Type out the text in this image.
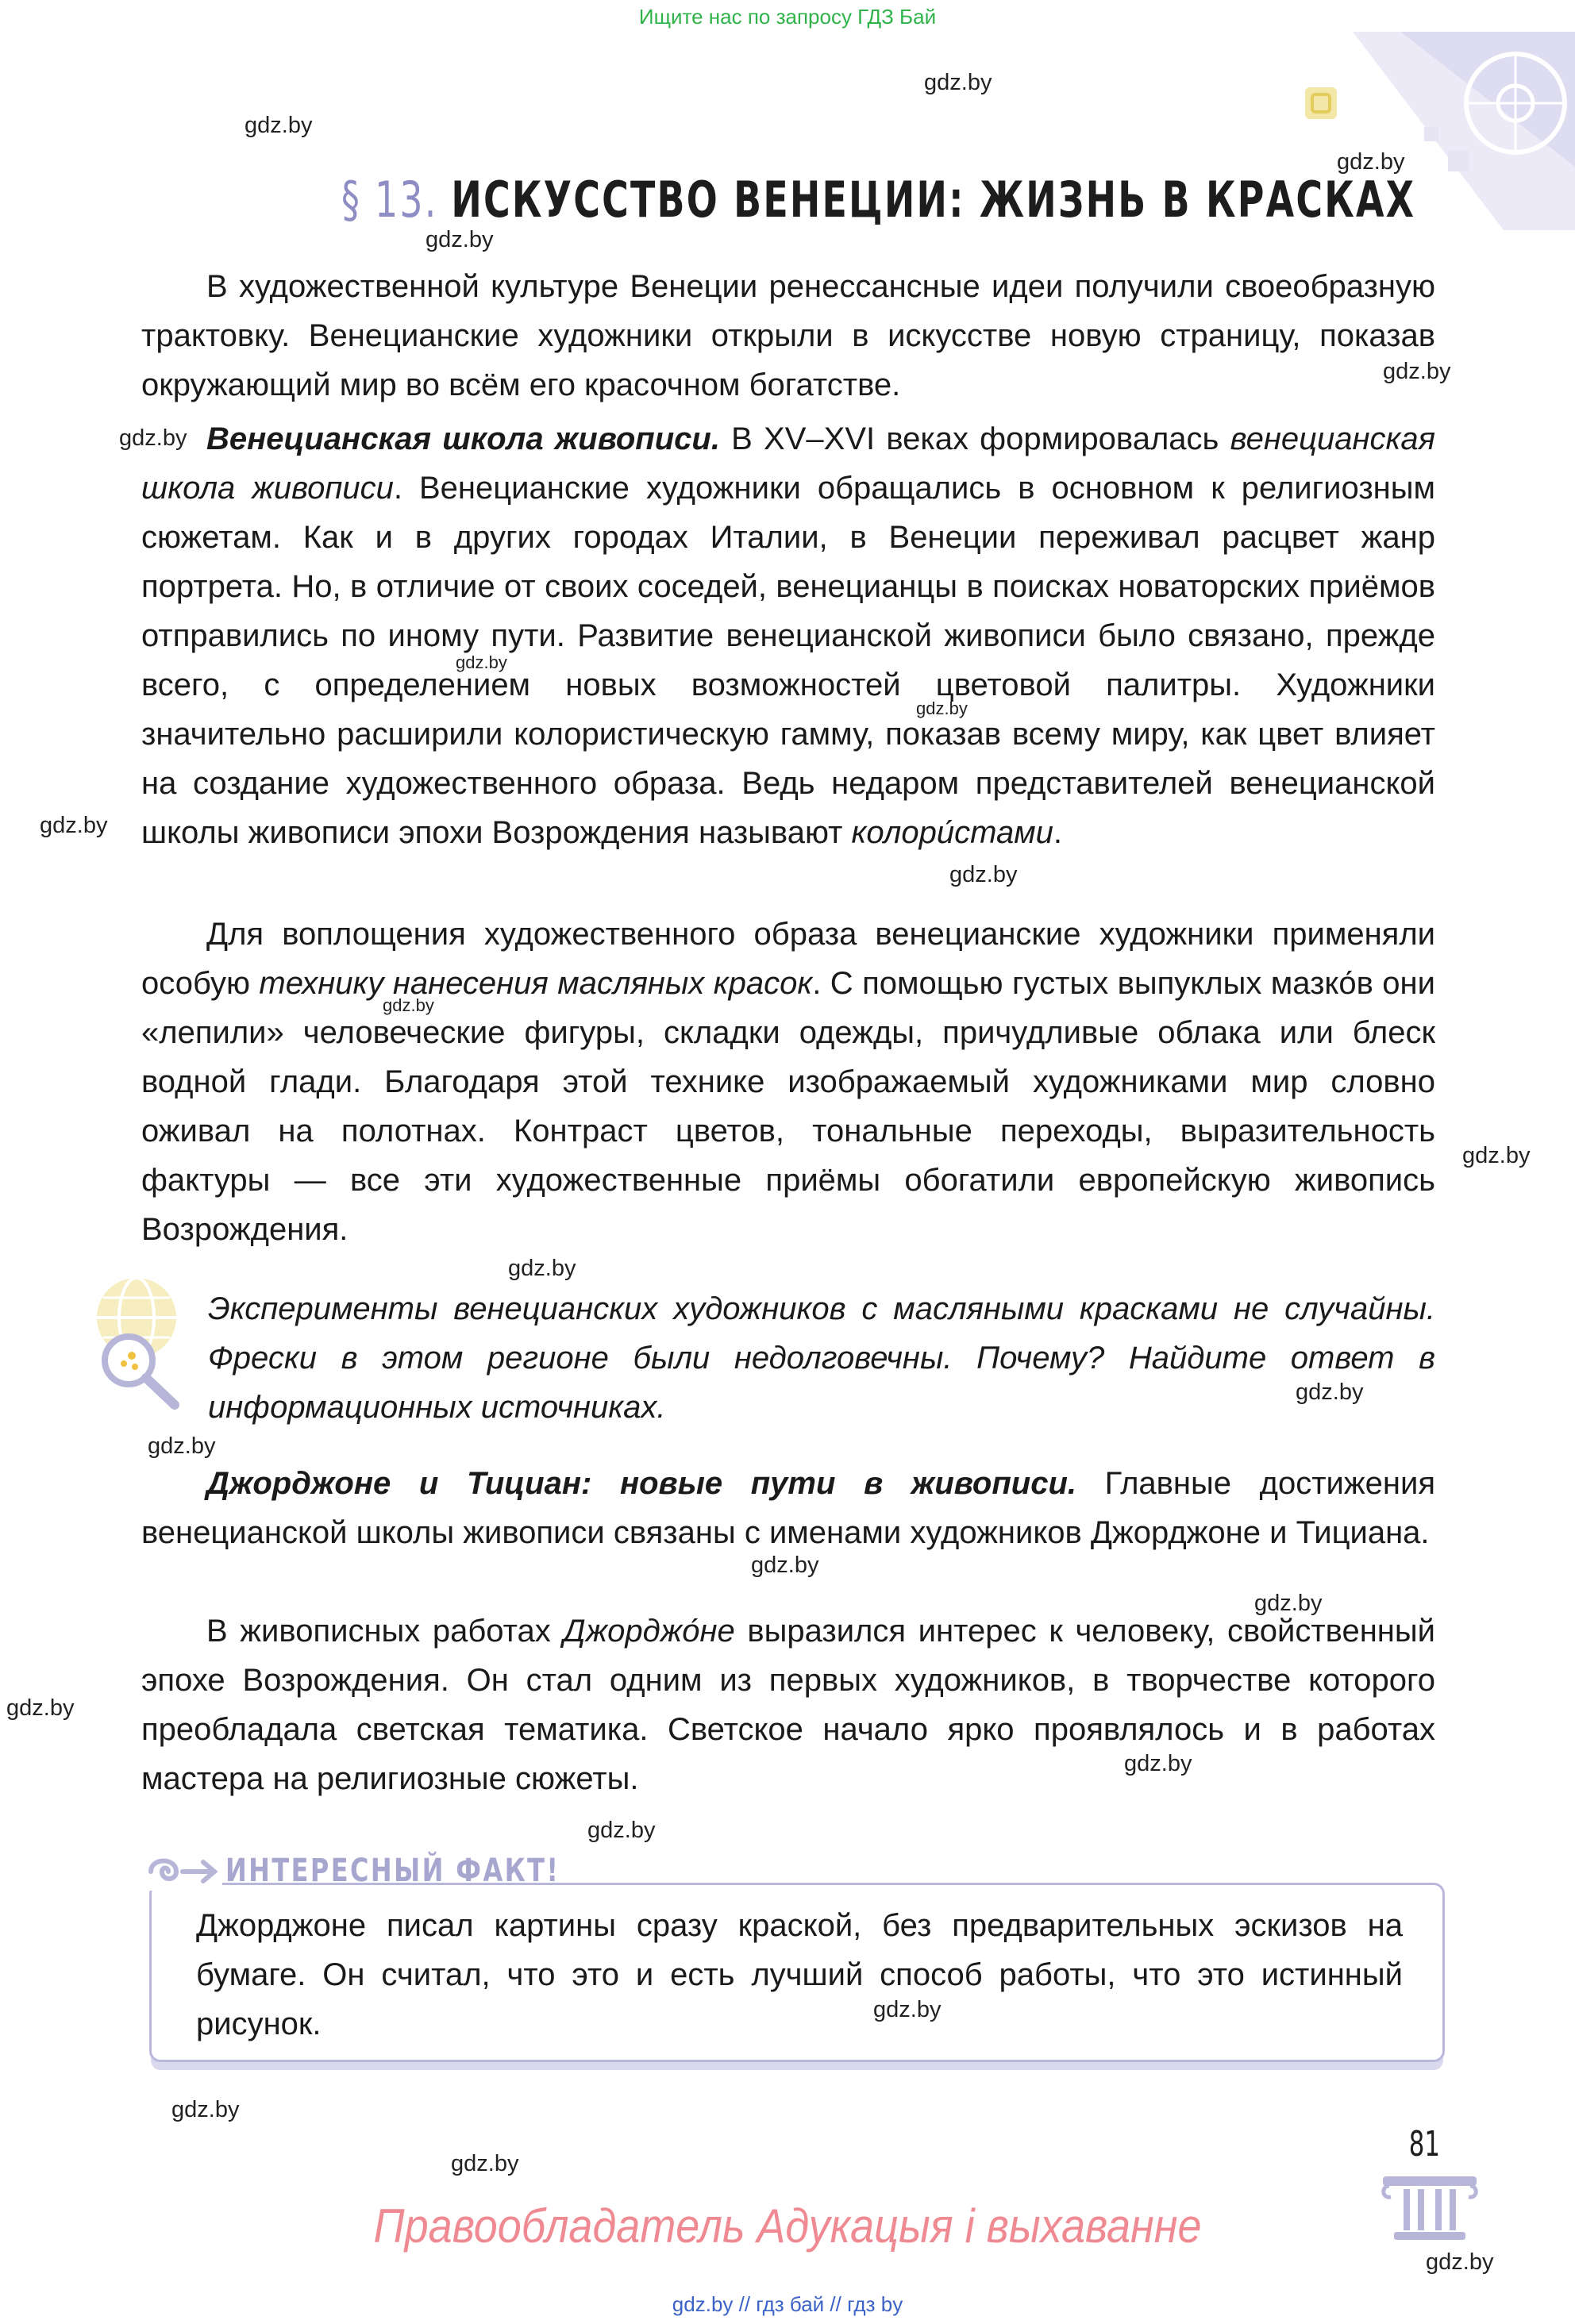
Ищите нас по запросу ГДЗ Бай
gdz.by
gdz.by
gdz.by
§ 13. ИСКУССТВО ВЕНЕЦИИ: ЖИЗНЬ В КРАСКАХ
gdz.by

В художественной культуре Венеции ренессансные идеи получили своеобразную трактовку. Венецианские художники открыли в искусстве новую страницу, показав окружающий мир во всём его красочном богатстве.	gdz.by
gdz.by Венецианская школа живописи. В XV–XVI веках формировалась венецианская школа живописи. Венецианские художники обращались в основном к религиозным сюжетам. Как и в других городах Италии, в Венеции переживал расцвет жанр портрета. Но, в отличие от своих соседей, венецианцы в поисках новаторских приёмов отправились по иному пути. Развитие венецианской живописи было связано, прежде всего, с определением новых возможностей цветовой палитры. Художники значительно расширили колористическую гамму, показав всему миру, как цвет влияет на создание художественного образа. Ведь недаром представителей венецианской школы живописи эпохи Возрождения называют колори́стами.

gdz.by
gdz.by
gdz.by
gdz.by

Для воплощения художественного образа венецианские художники применяли особую технику нанесения масляных красок. С помощью густых выпуклых мазко́в они «лепили» человеческие фигуры, складки одежды, причудливые облака или блеск водной глади. Благодаря этой технике изображаемый художниками мир словно оживал на полотнах. Контраст цветов, тональные переходы, выразительность фактуры — все эти художественные приёмы обогатили европейскую живопись Возрождения.

gdz.by
gdz.by
gdz.by

Эксперименты венецианских художников с масляными красками не случайны. Фрески в этом регионе были недолговечны. Почему? Найдите ответ в информационных источниках.	gdz.by
gdz.by

Джорджоне и Тициан: новые пути в живописи. Главные достижения венецианской школы живописи связаны с именами художников Джорджоне и Тициана.

gdz.by
gdz.by
gdz.by

В живописных работах Джорджо́не выразился интерес к человеку, свойственный эпохе Возрождения. Он стал одним из первых художников, в творчестве которого преобладала светская тематика. Светское начало ярко проявлялось и в работах мастера на религиозные сюжеты.	gdz.by
gdz.by

Джорджоне писал картины сразу краской, без предварительных эскизов на бумаге. Он считал, что это и есть лучший способ работы, что это истинный рисунок.

ИНТЕРЕСНЫЙ ФАКТ!
gdz.by
gdz.by
81
gdz.by
Правообладатель Адукацыя і выхаванне
gdz.by
gdz.by // гдз бай // гдз by
